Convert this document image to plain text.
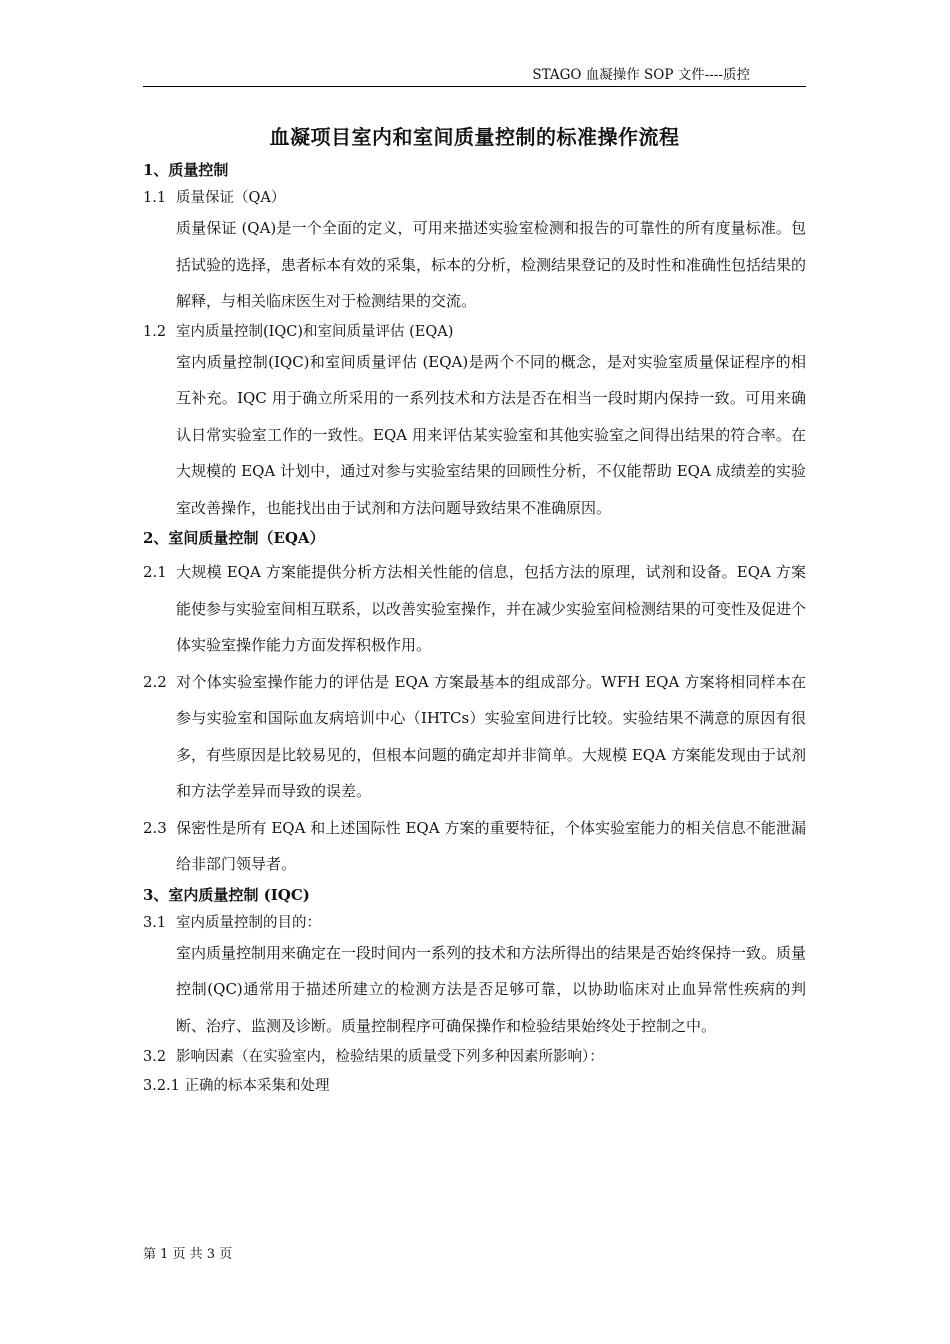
STAGO 血凝操作 SOP 文件----质控
血凝项目室内和室间质量控制的标准操作流程
1、质量控制
1.1 质量保证（QA）
质量保证 (QA)是一个全面的定义，可用来描述实验室检测和报告的可靠性的所有度量标准。包括试验的选择，患者标本有效的采集，标本的分析，检测结果登记的及时性和准确性包括结果的解释，与相关临床医生对于检测结果的交流。
1.2 室内质量控制(IQC)和室间质量评估 (EQA)
室内质量控制(IQC)和室间质量评估 (EQA)是两个不同的概念，是对实验室质量保证程序的相互补充。IQC 用于确立所采用的一系列技术和方法是否在相当一段时期内保持一致。可用来确认日常实验室工作的一致性。EQA 用来评估某实验室和其他实验室之间得出结果的符合率。在大规模的 EQA 计划中，通过对参与实验室结果的回顾性分析，不仅能帮助 EQA 成绩差的实验室改善操作，也能找出由于试剂和方法问题导致结果不准确原因。
2、室间质量控制（EQA）
2.1 大规模 EQA 方案能提供分析方法相关性能的信息，包括方法的原理，试剂和设备。EQA 方案能使参与实验室间相互联系，以改善实验室操作，并在减少实验室间检测结果的可变性及促进个体实验室操作能力方面发挥积极作用。
2.2 对个体实验室操作能力的评估是 EQA 方案最基本的组成部分。WFH EQA 方案将相同样本在参与实验室和国际血友病培训中心（IHTCs）实验室间进行比较。实验结果不满意的原因有很多，有些原因是比较易见的，但根本问题的确定却并非简单。大规模 EQA 方案能发现由于试剂和方法学差异而导致的误差。
2.3 保密性是所有 EQA 和上述国际性 EQA 方案的重要特征，个体实验室能力的相关信息不能泄漏给非部门领导者。
3、室内质量控制 (IQC)
3.1 室内质量控制的目的：
室内质量控制用来确定在一段时间内一系列的技术和方法所得出的结果是否始终保持一致。质量控制(QC)通常用于描述所建立的检测方法是否足够可靠，以协助临床对止血异常性疾病的判断、治疗、监测及诊断。质量控制程序可确保操作和检验结果始终处于控制之中。
3.2 影响因素（在实验室内，检验结果的质量受下列多种因素所影响）：
3.2.1 正确的标本采集和处理
第 1 页 共 3 页
